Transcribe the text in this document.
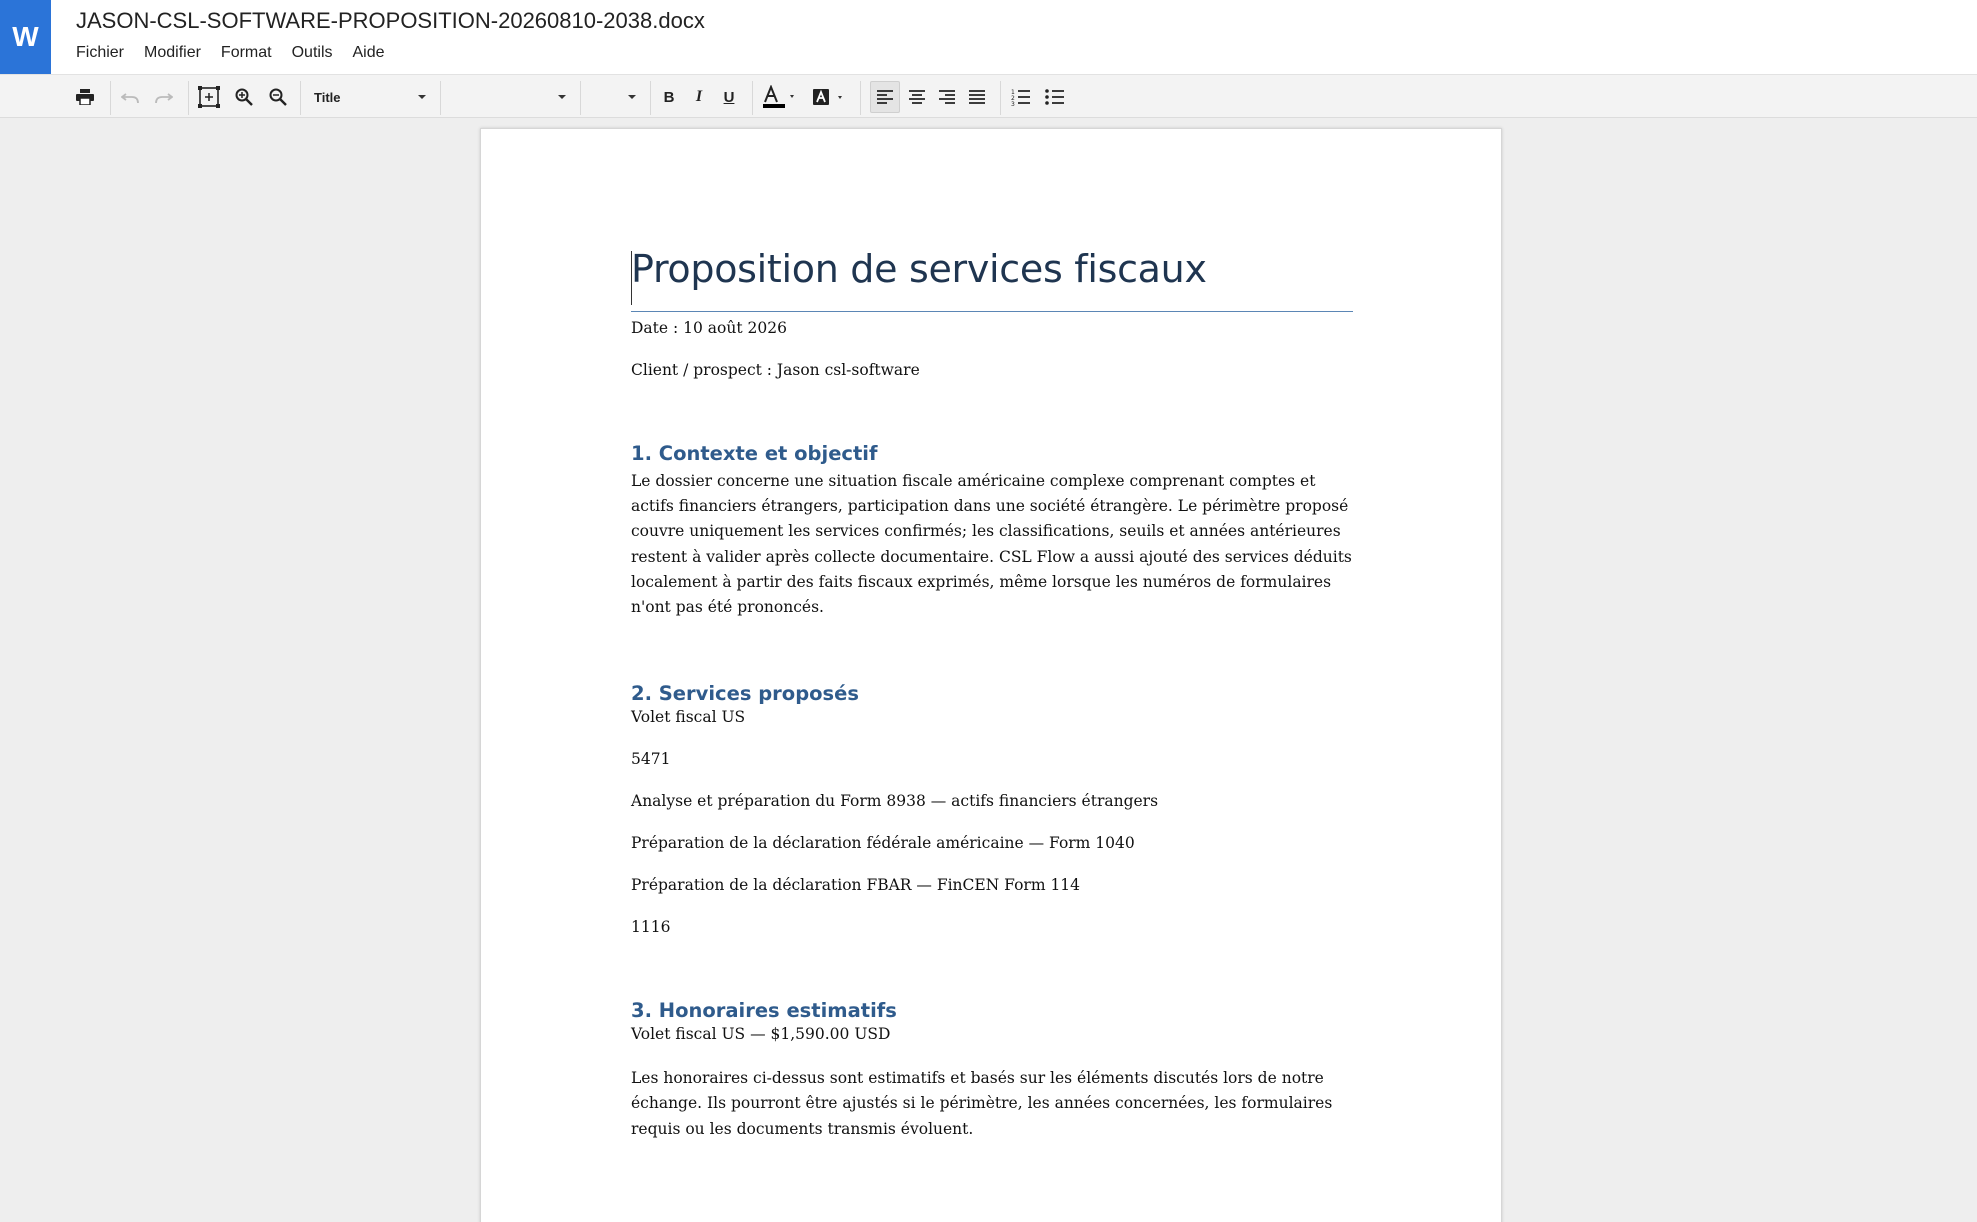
W
JASON-CSL-SOFTWARE-PROPOSITION-20260810-2038.docx
Fichier	Modifier	Format	Outils	Aide
Title	B I U	1
2
3
Proposition de services fiscaux
Date : 10 août 2026
Client / prospect : Jason csl-software
1. Contexte et objectif
Le dossier concerne une situation fiscale américaine complexe comprenant comptes et actifs financiers étrangers, participation dans une société étrangère. Le périmètre proposé couvre uniquement les services confirmés; les classifications, seuils et années antérieures restent à valider après collecte documentaire. CSL Flow a aussi ajouté des services déduits localement à partir des faits fiscaux exprimés, même lorsque les numéros de formulaires n'ont pas été prononcés.
2. Services proposés
Volet fiscal US
5471
Analyse et préparation du Form 8938 — actifs financiers étrangers
Préparation de la déclaration fédérale américaine — Form 1040
Préparation de la déclaration FBAR — FinCEN Form 114
1116
3. Honoraires estimatifs
Volet fiscal US — $1,590.00 USD
Les honoraires ci-dessus sont estimatifs et basés sur les éléments discutés lors de notre échange. Ils pourront être ajustés si le périmètre, les années concernées, les formulaires requis ou les documents transmis évoluent.
